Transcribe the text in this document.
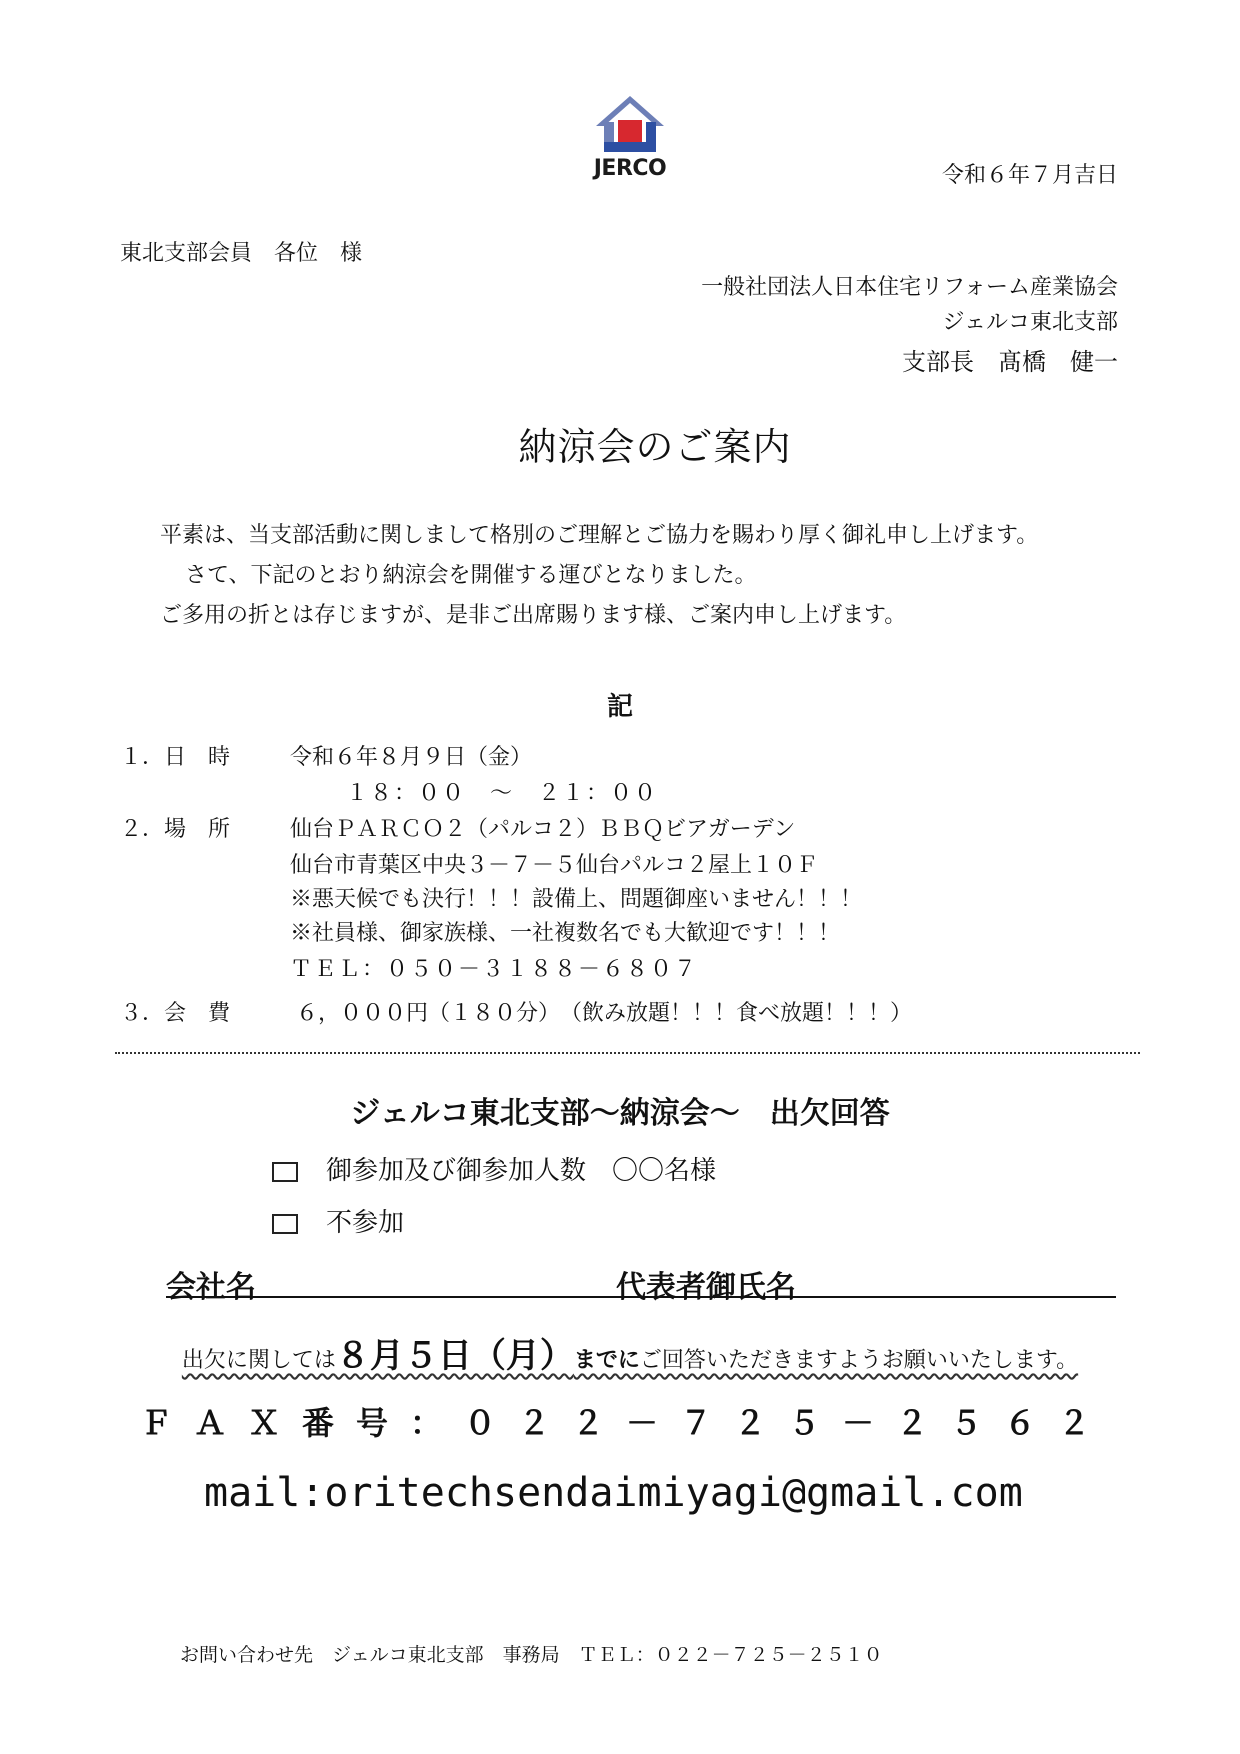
JERCO	令和６年７月吉日
東北支部会員　各位　様
一般社団法人日本住宅リフォーム産業協会
ジェルコ東北支部
支部長　髙橋　健一
納涼会のご案内
平素は、当支部活動に関しまして格別のご理解とご協力を賜わり厚く御礼申し上げます。
さて、下記のとおり納涼会を開催する運びとなりました。
ご多用の折とは存じますが、是非ご出席賜ります様、ご案内申し上げます。
記
１．日　時	令和６年８月９日（金）
１８：００　～　２１：００
２．場　所	仙台ＰＡＲＣＯ２（パルコ２）ＢＢＱビアガーデン
仙台市青葉区中央３－７－５仙台パルコ２屋上１０Ｆ
※悪天候でも決行！！！設備上、問題御座いません！！！
※社員様、御家族様、一社複数名でも大歓迎です！！！
ＴＥＬ：０５０－３１８８－６８０７
３．会　費	６，０００円（１８０分）　（飲み放題！！！食べ放題！！！）
ジェルコ東北支部～納涼会～　出欠回答
御参加及び御参加人数　〇〇名様
不参加
会社名	代表者御氏名
出欠に関しては８月５日（月）までにご回答いただきますようお願いいたします。
ＦＡＸ番号：０２２－７２５－２５６２
mail:oritechsendaimiyagi@gmail.com
お問い合わせ先　ジェルコ東北支部　事務局　ＴＥＬ：０２２－７２５－２５１０
